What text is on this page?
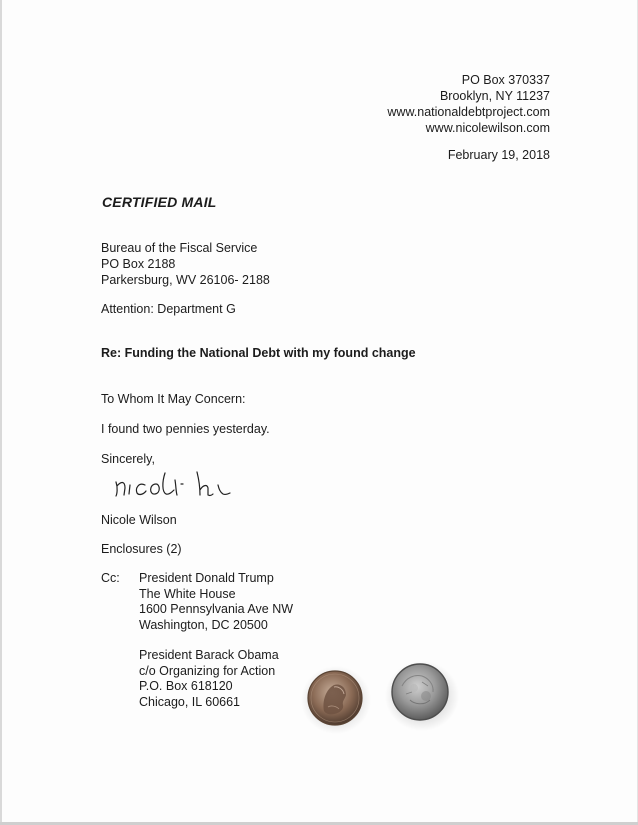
PO Box 370337
Brooklyn, NY 11237
www.nationaldebtproject.com
www.nicolewilson.com
February 19, 2018
CERTIFIED MAIL
Bureau of the Fiscal Service
PO Box 2188
Parkersburg, WV 26106- 2188
Attention: Department G
Re: Funding the National Debt with my found change
To Whom It May Concern:
I found two pennies yesterday.
Sincerely,
Nicole Wilson
Enclosures (2)
Cc: President Donald Trump
The White House
1600 Pennsylvania Ave NW
Washington, DC 20500
President Barack Obama
c/o Organizing for Action
P.O. Box 618120
Chicago, IL 60661
